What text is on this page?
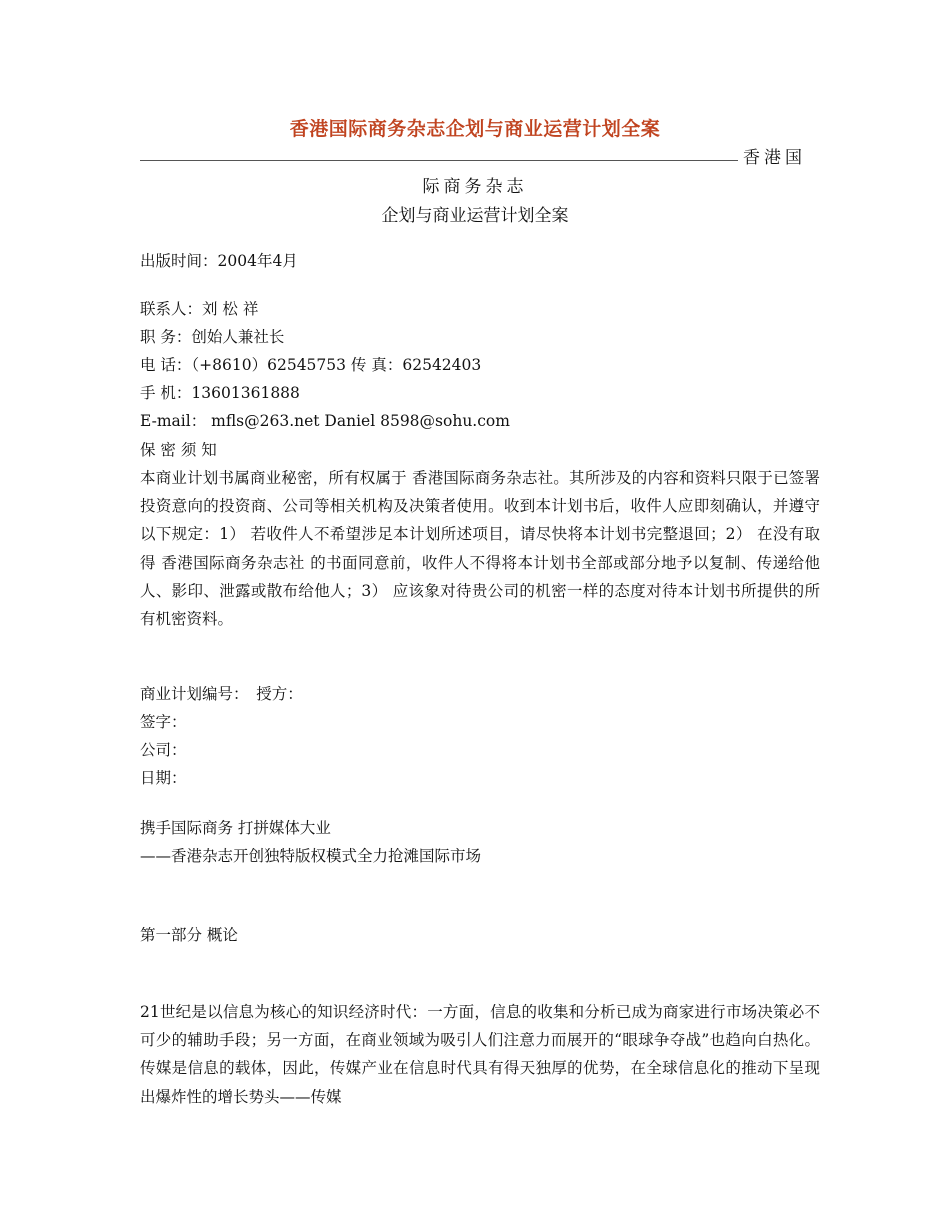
香港国际商务杂志企划与商业运营计划全案
香港国
际商务杂志
企划与商业运营计划全案
出版时间：2004年4月
联系人：刘 松 祥
职 务：创始人兼社长
电 话：（+8610）62545753 传 真：62542403
手 机：13601361888
E-mail： mfls@263.net Daniel 8598@sohu.com
保 密 须 知
本商业计划书属商业秘密，所有权属于 香港国际商务杂志社。其所涉及的内容和资料只限于已签署投资意向的投资商、公司等相关机构及决策者使用。收到本计划书后，收件人应即刻确认，并遵守以下规定：1） 若收件人不希望涉足本计划所述项目，请尽快将本计划书完整退回；2） 在没有取得 香港国际商务杂志社 的书面同意前，收件人不得将本计划书全部或部分地予以复制、传递给他人、影印、泄露或散布给他人；3） 应该象对待贵公司的机密一样的态度对待本计划书所提供的所有机密资料。
商业计划编号：　授方：
签字：
公司：
日期：
携手国际商务 打拼媒体大业
——香港杂志开创独特版权模式全力抢滩国际市场
第一部分 概论
21世纪是以信息为核心的知识经济时代：一方面，信息的收集和分析已成为商家进行市场决策必不可少的辅助手段；另一方面，在商业领域为吸引人们注意力而展开的“眼球争夺战”也趋向白热化。传媒是信息的载体，因此，传媒产业在信息时代具有得天独厚的优势，在全球信息化的推动下呈现出爆炸性的增长势头——传媒
